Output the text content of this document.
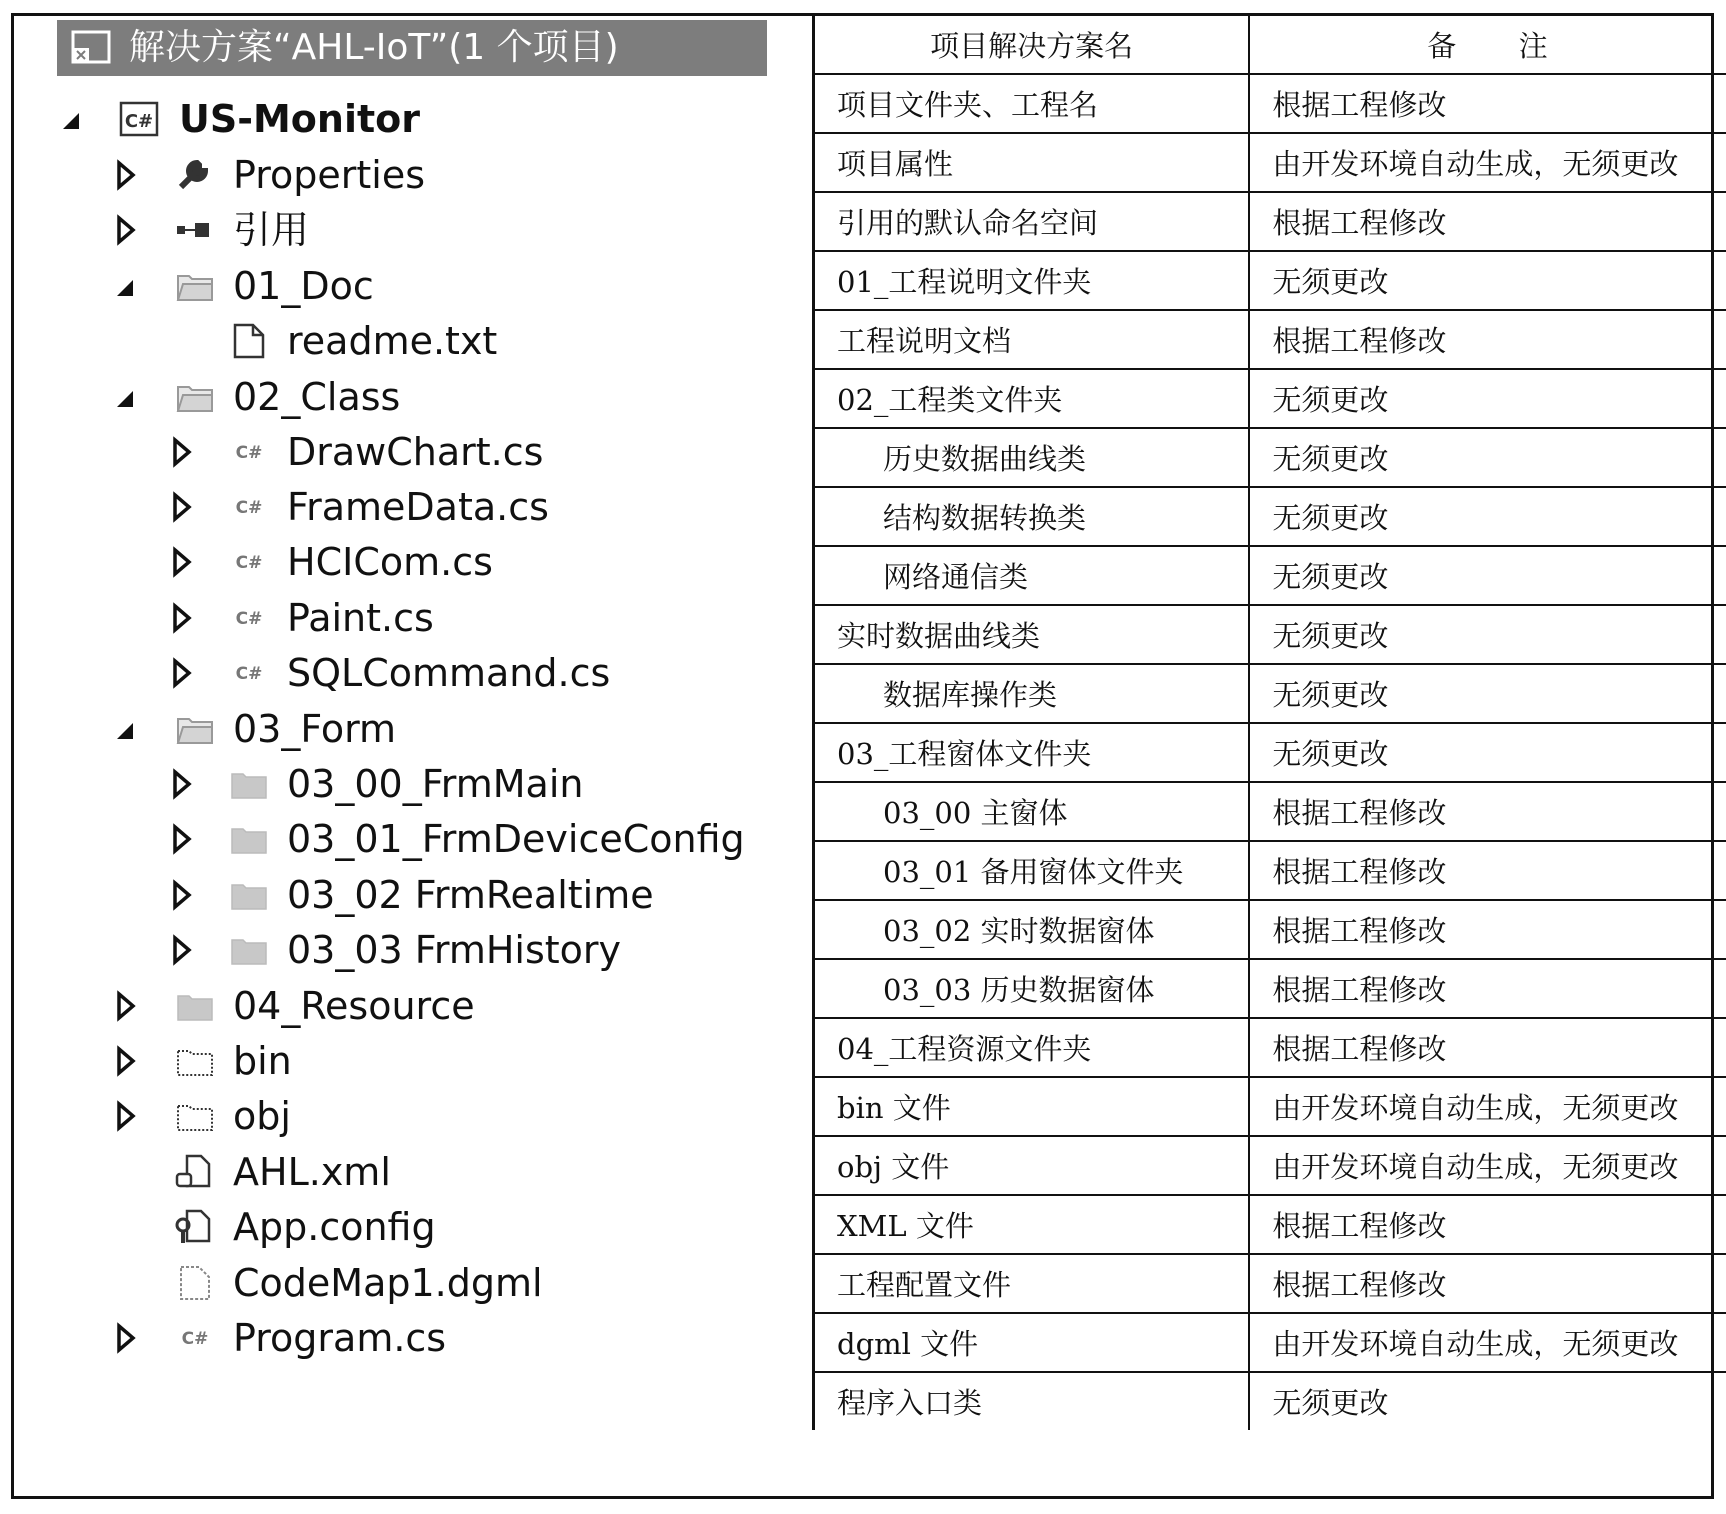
解决方案“AHL-IoT”(1 个项目)
C# US-Monitor
Properties
引用
01_Doc
readme.txt
02_Class
C# DrawChart.cs
C# FrameData.cs
C# HCICom.cs
C# Paint.cs
C# SQLCommand.cs
03_Form
03_00_FrmMain
03_01_FrmDeviceConfig
03_02 FrmRealtime
03_03 FrmHistory
04_Resource
bin
obj
AHL.xml
App.config
CodeMap1.dgml
C# Program.cs
项目解决方案名	备　　注
项目文件夹、工程名	根据工程修改
项目属性	由开发环境自动生成，无须更改
引用的默认命名空间	根据工程修改
01_工程说明文件夹	无须更改
工程说明文档	根据工程修改
02_工程类文件夹	无须更改
历史数据曲线类	无须更改
结构数据转换类	无须更改
网络通信类	无须更改
实时数据曲线类	无须更改
数据库操作类	无须更改
03_工程窗体文件夹	无须更改
03_00 主窗体	根据工程修改
03_01 备用窗体文件夹	根据工程修改
03_02 实时数据窗体	根据工程修改
03_03 历史数据窗体	根据工程修改
04_工程资源文件夹	根据工程修改
bin 文件	由开发环境自动生成，无须更改
obj 文件	由开发环境自动生成，无须更改
XML 文件	根据工程修改
工程配置文件	根据工程修改
dgml 文件	由开发环境自动生成，无须更改
程序入口类	无须更改
